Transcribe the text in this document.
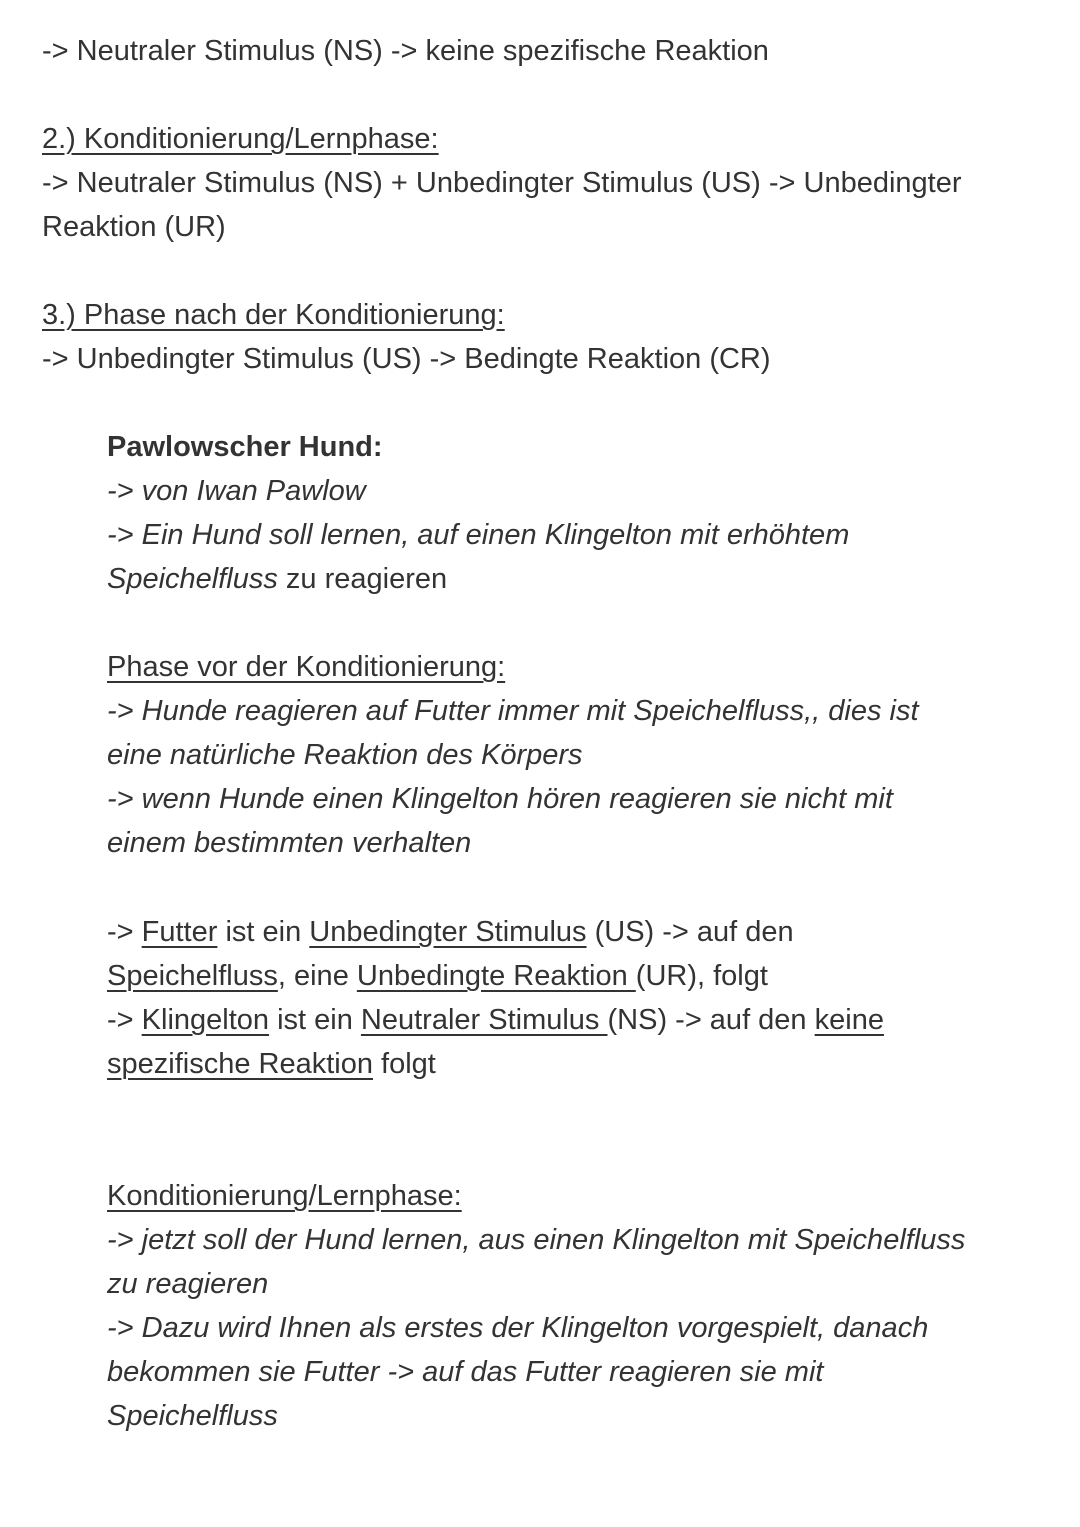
-> Neutraler Stimulus (NS) -> keine spezifische Reaktion
2.) Konditionierung/Lernphase:
-> Neutraler Stimulus (NS) + Unbedingter Stimulus (US) -> Unbedingter
Reaktion (UR)
3.) Phase nach der Konditionierung:
-> Unbedingter Stimulus (US) -> Bedingte Reaktion (CR)
Pawlowscher Hund:
-> von Iwan Pawlow
-> Ein Hund soll lernen, auf einen Klingelton mit erhöhtem
Speichelfluss zu reagieren
Phase vor der Konditionierung:
-> Hunde reagieren auf Futter immer mit Speichelfluss,, dies ist
eine natürliche Reaktion des Körpers
-> wenn Hunde einen Klingelton hören reagieren sie nicht mit
einem bestimmten verhalten
-> Futter ist ein Unbedingter Stimulus (US) -> auf den
Speichelfluss, eine Unbedingte Reaktion (UR), folgt
-> Klingelton ist ein Neutraler Stimulus (NS) -> auf den keine
spezifische Reaktion folgt
Konditionierung/Lernphase:
-> jetzt soll der Hund lernen, aus einen Klingelton mit Speichelfluss
zu reagieren
-> Dazu wird Ihnen als erstes der Klingelton vorgespielt, danach
bekommen sie Futter -> auf das Futter reagieren sie mit
Speichelfluss
